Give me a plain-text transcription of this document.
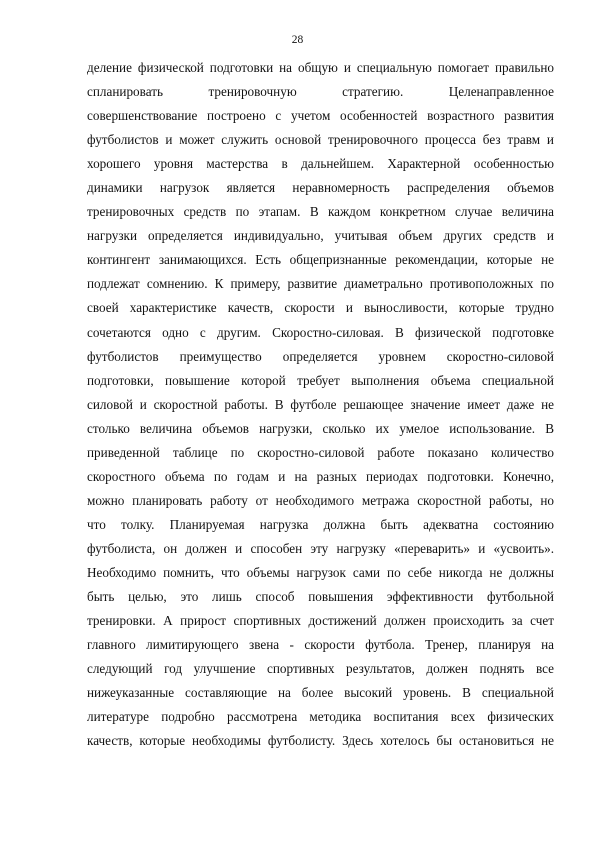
28
деление физической подготовки на общую и специальную помогает правильно
спланировать тренировочную стратегию. Целенаправленное
совершенствование построено с учетом особенностей возрастного развития
футболистов и может служить основой тренировочного процесса без травм и
хорошего уровня мастерства в дальнейшем. Характерной особенностью
динамики нагрузок является неравномерность распределения объемов
тренировочных средств по этапам. В каждом конкретном случае величина
нагрузки определяется индивидуально, учитывая объем других средств и
контингент занимающихся. Есть общепризнанные рекомендации, которые не
подлежат сомнению. К примеру, развитие диаметрально противоположных по
своей характеристике качеств, скорости и выносливости, которые трудно
сочетаются одно с другим. Скоростно-силовая. В физической подготовке
футболистов преимущество определяется уровнем скоростно-силовой
подготовки, повышение которой требует выполнения объема специальной
силовой и скоростной работы. В футболе решающее значение имеет даже не
столько величина объемов нагрузки, сколько их умелое использование. В
приведенной таблице по скоростно-силовой работе показано количество
скоростного объема по годам и на разных периодах подготовки. Конечно,
можно планировать работу от необходимого метража скоростной работы, но
что толку. Планируемая нагрузка должна быть адекватна состоянию
футболиста, он должен и способен эту нагрузку «переварить» и «усвоить».
Необходимо помнить, что объемы нагрузок сами по себе никогда не должны
быть целью, это лишь способ повышения эффективности футбольной
тренировки. А прирост спортивных достижений должен происходить за счет
главного лимитирующего звена - скорости футбола. Тренер, планируя на
следующий год улучшение спортивных результатов, должен поднять все
нижеуказанные составляющие на более высокий уровень. В специальной
литературе подробно рассмотрена методика воспитания всех физических
качеств, которые необходимы футболисту. Здесь хотелось бы остановиться не
